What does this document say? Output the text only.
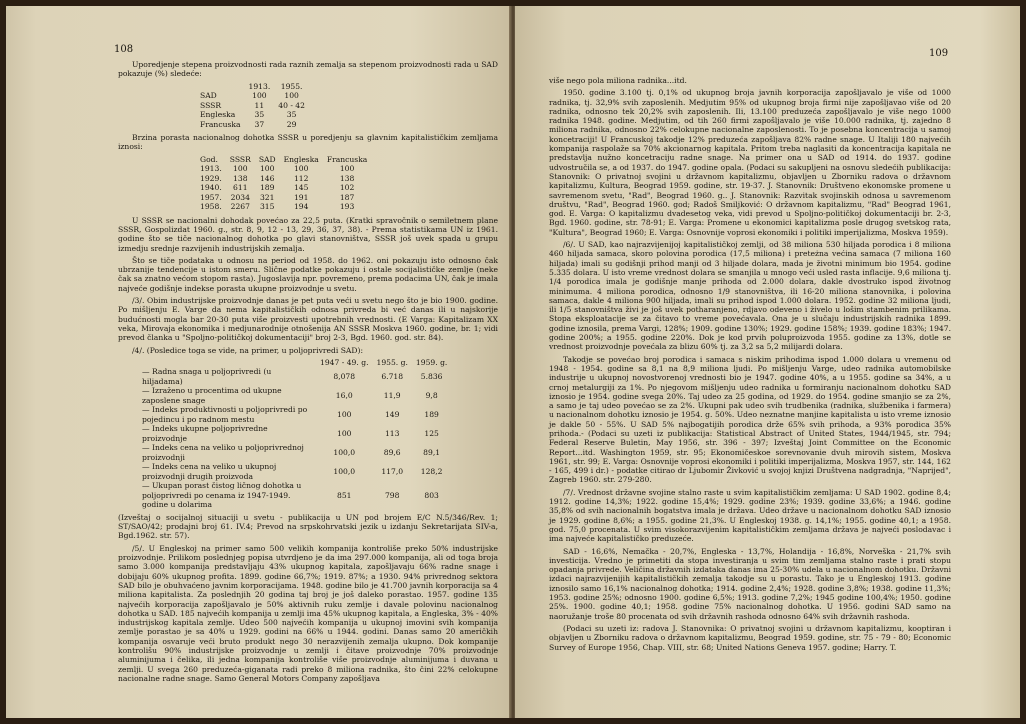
108

Uporedjenje stepena proizvodnosti rada raznih zemalja sa stepenom proizvodnosti rada u SAD pokazuje (%) sledeće:

	1913.	1955.
SAD	100	100
SSSR	11	40 - 42
Engleska	35	35
Francuska	37	29

Brzina porasta nacionalnog dohotka SSSR u poredjenju sa glavnim kapitalističkim zemljama iznosi:

God.	SSSR	SAD	Engleska	Francuska
1913.	100	100	100	100
1929.	138	146	112	138
1940.	611	189	145	102
1957.	2034	321	191	187
1958.	2267	315	194	193

U SSSR se nacionalni dohodak povećao za 22,5 puta. (Kratki spravočnik o semiletnem plane SSSR, Gospolizdat 1960. g., str. 8, 9, 12 - 13, 29, 36, 37, 38). - Prema statistikama UN iz 1961. godine što se tiče nacionalnog dohotka po glavi stanovništva, SSSR još uvek spada u grupu izmedju srednje razvijenih industrijskih zemalja.

Što se tiče podataka u odnosu na period od 1958. do 1962. oni pokazuju isto odnosno čak ubrzanije tendencije u istom smeru. Slične podatke pokazuju i ostale socijalističke zemlje (neke čak sa znatno većom stopom rasta). Jugoslavija npr. povremeno, prema podacima UN, čak je imala najveće godišnje indekse porasta ukupne proizvodnje u svetu.

/3/. Obim industrijske proizvodnje danas je pet puta veći u svetu nego što je bio 1900. godine. Po mišljenju E. Varge da nema kapitalističkih odnosa privreda bi već danas ili u najskorije budućnosti mogla bar 20-30 puta više proizvesti upotrebnih vrednosti. (E Varga: Kapitalizam XX veka, Mirovaja ekonomika i medjunarodnije otnošenija AN SSSR Moskva 1960. godine, br. 1; vidi prevod članka u "Spoljno-političkoj dokumentaciji" broj 2-3, Bgd. 1960. god. str. 84).

/4/. (Posledice toga se vide, na primer, u poljoprivredi SAD):

	1947 - 49. g.	1955. g.	1959. g.
— Radna snaga u poljoprivredi (u hiljadama)	8,078	6.718	5.836
— Izraženo u procentima od ukupne zaposlene snage	16,0	11,9	9,8
— Indeks produktivnosti u poljoprivredi po pojedincu i po radnom mestu	100	149	189
— Indeks ukupne poljoprivredne proizvodnje	100	113	125
— Indeks cena na veliko u poljoprivrednoj proizvodnji	100,0	89,6	89,1
— Indeks cena na veliko u ukupnoj proizvodnji drugih proizvoda	100,0	117,0	128,2
— Ukupan porast čistog ličnog dohotka u poljoprivredi po cenama iz 1947-1949. godine u dolarima	851	798	803

(Izveštaj o socijalnoj situaciji u svetu - publikacija u UN pod brojem E/C N.5/346/Rev. 1; ST/SAO/42; prodajni broj 61. IV.4; Prevod na srpskohrvatski jezik u izdanju Sekretarijata SIV-a, Bgd.1962. str. 57).

/5/. U Engleskoj na primer samo 500 velikih kompanija kontroliše preko 50% industrijske proizvodnje. Prilikom poslednjeg popisa utvrdjeno je da ima 297.000 kompanija, ali od toga broja samo 3.000 kompanija predstavljaju 43% ukupnog kapitala, zapošljavaju 66% radne snage i dobijaju 60% ukupnog profita. 1899. godine 66,7%; 1919. 87%; a 1930. 94% privrednog sektora SAD bilo je obuhvaćeno javnim korporacijama. 1948. godine bilo je 41.700 javnih korporacija sa 4 miliona kapitalista. Za poslednjih 20 godina taj broj je još daleko porastao. 1957. godine 135 najvećih korporacija zapošljavalo je 50% aktivnih ruku zemlje i davale polovinu nacionalnog dohotka u SAD. 185 najvećih kompanija u zemlji ima 45% ukupnog kapitala, a Engleska, 3% - 40% industrijskog kapitala zemlje. Udeo 500 najvećih kompanija u ukupnoj imovini svih kompanija zemlje porastao je sa 40% u 1929. godini na 66% u 1944. godini. Danas samo 20 američkih kompanija osvaruje veći bruto produkt nego 30 nerazvijenih zemalja ukupno. Dok kompanije kontrolišu 90% industrijske proizvodnje u zemlji i čitave proizvodnje 70% proizvodnje aluminijuma i čelika, ili jedna kompanija kontroliše više proizvodnje aluminijuma i duvana u zemlji. U svega 260 preduzeća-giganata radi preko 8 miliona radnika, što čini 22% celokupne nacionalne radne snage. Samo General Motors Company zapošljava

109

više nego pola miliona radnika...itd.

1950. godine 3.100 tj. 0,1% od ukupnog broja javnih korporacija zapošljavalo je više od 1000 radnika, tj. 32,9% svih zaposlenih. Medjutim 95% od ukupnog broja firmi nije zapošljavao više od 20 radnika, odnosno tek 20,2% svih zaposlenih. Ili, 13.100 preduzeća zapošljavalo je više nego 1000 radnika 1948. godine. Medjutim, od tih 260 firmi zapošljavalo je više 10.000 radnika, tj. zajedno 8 miliona radnika, odnosno 22% celokupne nacionalne zaposlenosti. To je posebna koncentracija u samoj koncetraciji! U Francuskoj takodje 12% preduzeća zapošljava 82% radne snage. U Italiji 180 najvećih kompanija raspolaže sa 70% akcionarnog kapitala. Pritom treba naglasiti da koncentracija kapitala ne predstavlja nužno koncetraciju radne snage. Na primer ona u SAD od 1914. do 1937. godine udvostručila se, a od 1937. do 1947. godine opala. (Podaci su sakupljeni na osnovu sledećih publikacija: Stanovnik: O privatnoj svojini u državnom kapitalizmu, objavljen u Zborniku radova o državnom kapitalizmu, Kultura, Beograd 1959. godine, str. 19-37. J. Stanovnik: Društveno ekonomske promene u savremenom svetu, "Rad", Beograd 1960. g.. J. Stanovnik: Razvitak svojinskih odnosa u savremenom društvu, "Rad", Beograd 1960. god; Radoš Smiljković: O državnom kapitalizmu, "Rad" Beograd 1961, god. E. Varga: O kapitalizmu dvadesetog veka, vidi prevod u Spoljno-političkoj dokumentaciji br. 2-3, Bgd. 1960. godine, str. 78-91; E. Varga: Promene u ekonomici kapitalizma posle drugog svetskog rata, "Kultura", Beograd 1960; E. Varga: Osnovnije voprosi ekonomiki i politiki imperijalizma, Moskva 1959).

/6/. U SAD, kao najrazvijenijoj kapitalističkoj zemlji, od 38 miliona 530 hiljada porodica i 8 miliona 460 hiljada samaca, skoro polovina porodica (17,5 miliona) i preteżna većina samaca (7 miliona 160 hiljada) imali su godišnji prihod manji od 3 hiljade dolara, mada je životni minimum bio 1954. godine 5.335 dolara. U isto vreme vrednost dolara se smanjila u mnogo veći usled rasta inflacije. 9,6 miliona tj. 1/4 porodica imala je godišnje manje prihoda od 2.000 dolara, dakle dvostruko ispod životnog minimuma. 4 miliona porodica, odnosno 1/9 stanovništva, ili 16-20 miliona stanovnika, i polovina samaca, dakle 4 miliona 900 hiljada, imali su prihod ispod 1.000 dolara. 1952. godine 32 miliona ljudi, ili 1/5 stanovništva živi je još uvek potharanjeno, rdjavo odeveno i živelo u lošim stambenim prilikama. Stopa eksploatacije se za čitavo to vreme povećavala. Ona je u slučaju industrijskih radnika 1899. godine iznosila, prema Vargi, 128%; 1909. godine 130%; 1929. godine 158%; 1939. godine 183%; 1947. godine 200%; a 1955. godine 220%. Dok je kod prvih poluproizvoda 1955. godine za 13%, dotle se vrednost proizvodnje povećala za blizu 60% tj. za 3,2 sa 5,2 milijardi dolara.

Takodje se povećao broj porodica i samaca s niskim prihodima ispod 1.000 dolara u vremenu od 1948 - 1954. godine sa 8,1 na 8,9 miliona ljudi. Po mišljenju Varge, udeo radnika automobilske industrije u ukupnoj novostvorenoj vrednosti bio je 1947. godine 40%, a u 1955. godine sa 34%, a u crnoj metalurgiji za 1%. Po njegovom mišljenju udeo radnika u formiranju nacionalnom dohotku SAD iznosio je 1954. godine svega 20%. Taj udeo za 25 godina, od 1929. do 1954. godine smanjio se za 2%, a samo je taj udeo povećao se za 2%. Ukupni pak udeo svih trudbenika (radnika, službenika i farmera) u nacionalnom dohotku iznosio je 1954. g. 50%. Udeo neznatne manjine kapitalista u isto vreme iznosio je dakle 50 - 55%. U SAD 5% najbogatijih porodica drže 65% svih prihoda, a 93% porodica 35% prihoda.- (Podaci su uzeti iz publikacija: Statistical Abstract of United States, 1944/1945, str. 794; Federal Reserve Buletin, May 1956, str. 396 - 397; Izveštaj Joint Committee on the Economic Report...itd. Washington 1959, str. 95; Ekonomičeskoe sorevnovanie dvuh mirovih sistem, Moskva 1961, str. 99; E. Varga: Osnovnije voprosi ekonomiki i politiki imperijalizma, Moskva 1957, str. 144, 162 - 165, 499 i dr.) - podatke citirao dr Ljubomir Živković u svojoj knjizi Društvena nadgradnja, "Naprijed", Zagreb 1960. str. 279-280.

/7/. Vrednost državne svojine stalno raste u svim kapitalističkim zemljama: U SAD 1902. godine 8,4; 1912. godine 14,3%; 1922. godine 15,4%; 1929. godine 23%; 1939. godine 33,6%; a 1946. godine 35,8% od svih nacionalnih bogatstva imala je država. Udeo države u nacionalnom dohotku SAD iznosio je 1929. godine 8,6%; a 1955. godine 21,3%. U Engleskoj 1938. g. 14,1%; 1955. godine 40,1; a 1958. god. 75,0 procenata. U svim visokorazvijenim kapitalističkim zemljama država je najveći poslodavac i ima najveće kapitalističko preduzeće.

SAD - 16,6%, Nemačka - 20,7%, Engleska - 13,7%, Holandija - 16,8%, Norveška - 21,7% svih investicija. Vredno je primetiti da stopa investiranja u svim tim zemljama stalno raste i prati stopu opadanja privrede. Veličina državnih izdataka danas ima 25-30% udela u nacionalnom dohotku. Državni izdaci najrazvijenijih kapitalističkih zemalja takodje su u porastu. Tako je u Engleskoj 1913. godine iznosilo samo 16,1% nacionalnog dohotka; 1914. godine 2,4%; 1928. godine 3,8%; 1938. godine 11,3%; 1953. godine 25%; odnosno 1900. godine 6,5%; 1913. godine 7,2%; 1945 godine 100,4%; 1950. godine 25%. 1900. godine 40,1; 1958. godine 75% nacionalnog dohotka. U 1956. godini SAD samo na naoružanje troše 80 procenata od svih državnih rashoda odnosno 64% svih državnih rashoda.

(Podaci su uzeti iz: radova J. Stanovnika: O privatnoj svojini u državnom kapitalizmu, kooptiran i objavljen u Zborniku radova o državnom kapitalizmu, Beograd 1959. godine, str. 75 - 79 - 80; Economic Survey of Europe 1956, Chap. VIII, str. 68; United Nations Geneva 1957. godine; Harry. T.
